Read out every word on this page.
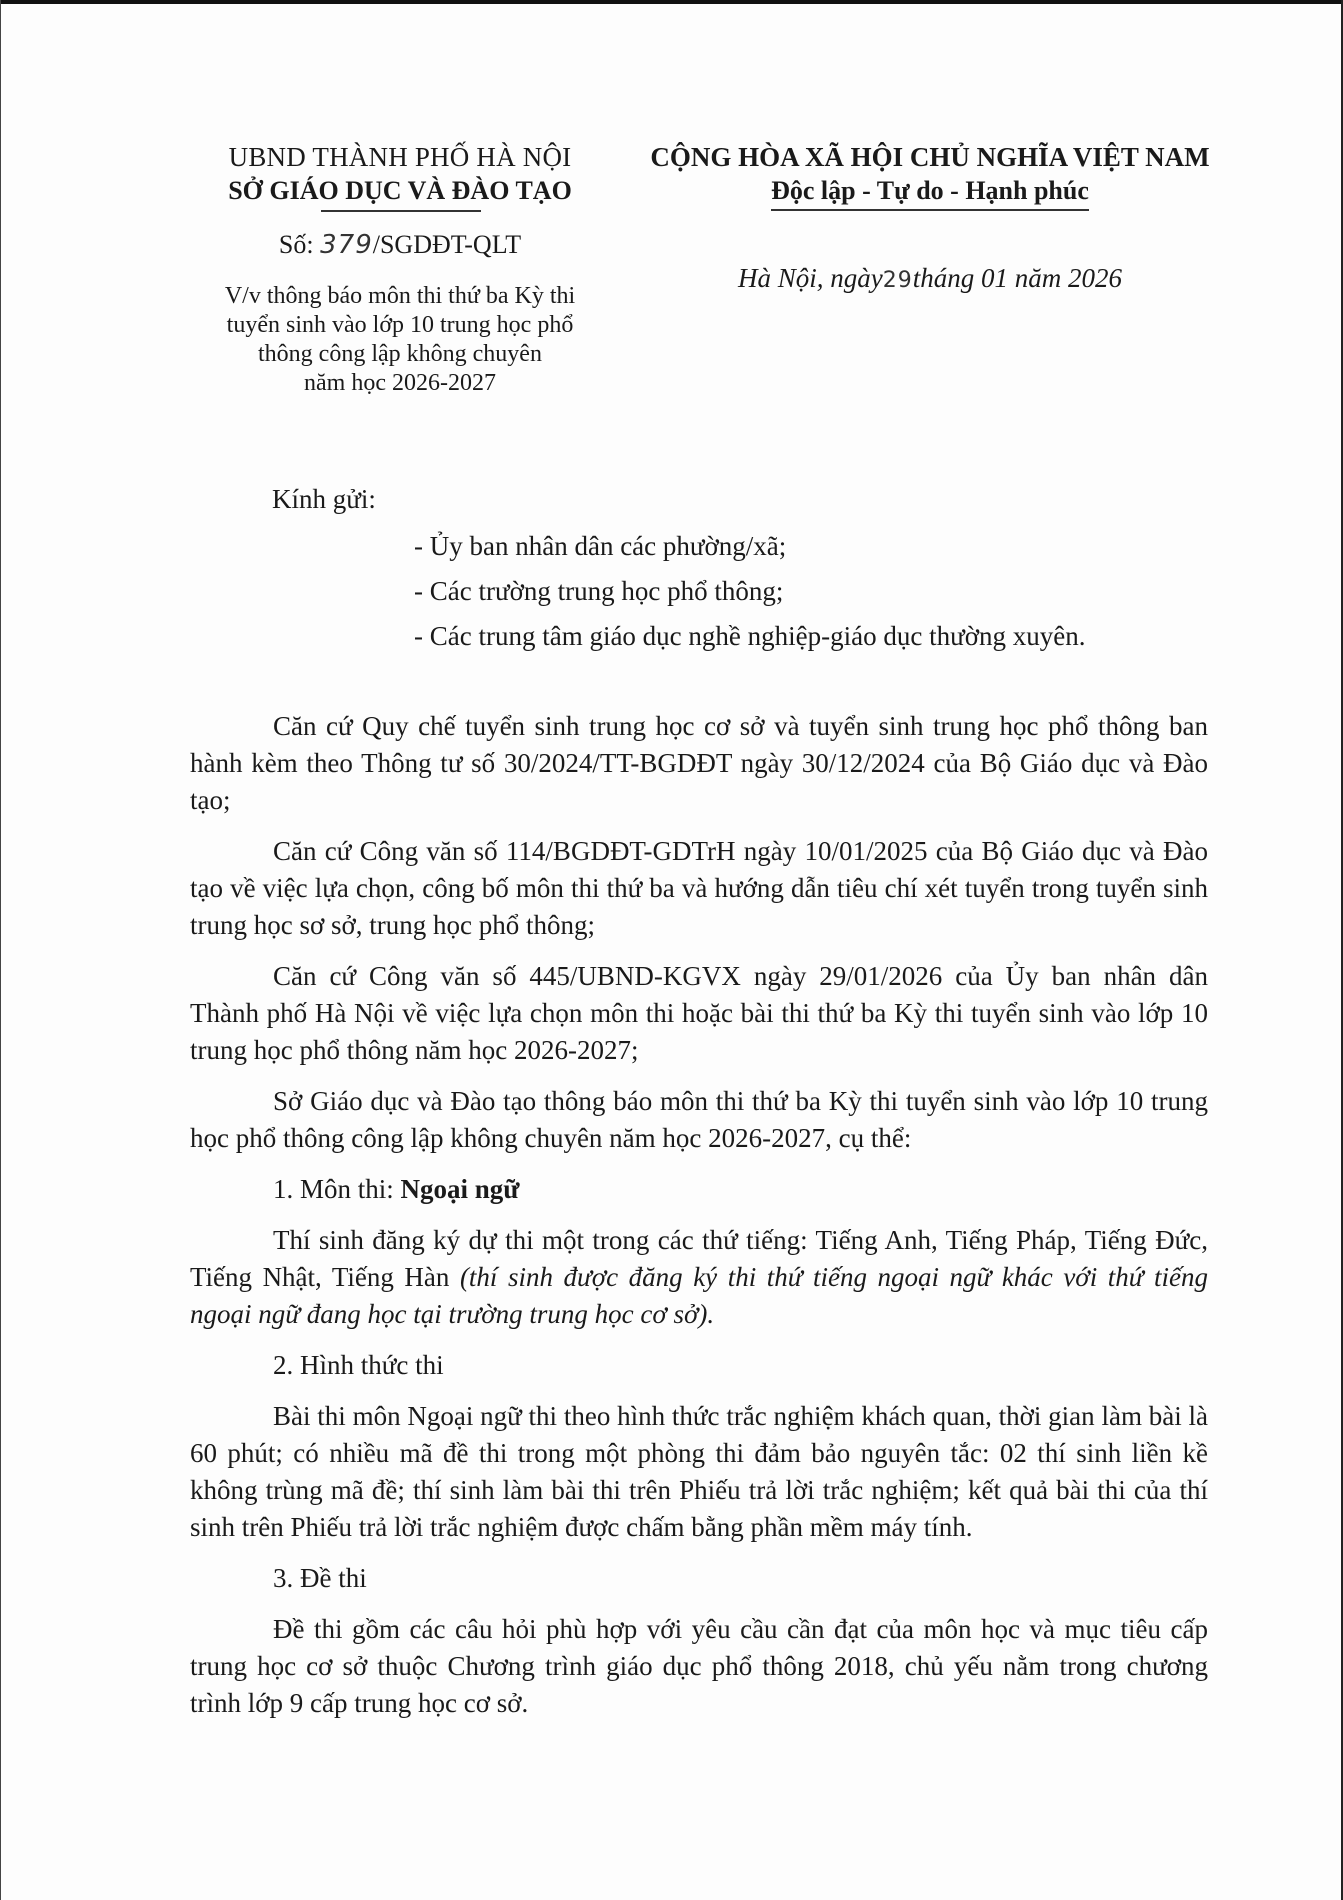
UBND THÀNH PHỐ HÀ NỘI
SỞ GIÁO DỤC VÀ ĐÀO TẠO
Số: 379/SGDĐT-QLT
V/v thông báo môn thi thứ ba Kỳ thi
tuyển sinh vào lớp 10 trung học phổ
thông công lập không chuyên
năm học 2026-2027
CỘNG HÒA XÃ HỘI CHỦ NGHĨA VIỆT NAM
Độc lập - Tự do - Hạnh phúc
Hà Nội, ngày29tháng 01 năm 2026
Kính gửi:
- Ủy ban nhân dân các phường/xã;
- Các trường trung học phổ thông;
- Các trung tâm giáo dục nghề nghiệp-giáo dục thường xuyên.

Căn cứ Quy chế tuyển sinh trung học cơ sở và tuyển sinh trung học phổ thông ban hành kèm theo Thông tư số 30/2024/TT-BGDĐT ngày 30/12/2024 của Bộ Giáo dục và Đào tạo;

Căn cứ Công văn số 114/BGDĐT-GDTrH ngày 10/01/2025 của Bộ Giáo dục và Đào tạo về việc lựa chọn, công bố môn thi thứ ba và hướng dẫn tiêu chí xét tuyển trong tuyển sinh trung học sơ sở, trung học phổ thông;

Căn cứ Công văn số 445/UBND-KGVX ngày 29/01/2026 của Ủy ban nhân dân Thành phố Hà Nội về việc lựa chọn môn thi hoặc bài thi thứ ba Kỳ thi tuyển sinh vào lớp 10 trung học phổ thông năm học 2026-2027;

Sở Giáo dục và Đào tạo thông báo môn thi thứ ba Kỳ thi tuyển sinh vào lớp 10 trung học phổ thông công lập không chuyên năm học 2026-2027, cụ thể:

1. Môn thi: Ngoại ngữ

Thí sinh đăng ký dự thi một trong các thứ tiếng: Tiếng Anh, Tiếng Pháp, Tiếng Đức, Tiếng Nhật, Tiếng Hàn (thí sinh được đăng ký thi thứ tiếng ngoại ngữ khác với thứ tiếng ngoại ngữ đang học tại trường trung học cơ sở).

2. Hình thức thi

Bài thi môn Ngoại ngữ thi theo hình thức trắc nghiệm khách quan, thời gian làm bài là 60 phút; có nhiều mã đề thi trong một phòng thi đảm bảo nguyên tắc: 02 thí sinh liền kề không trùng mã đề; thí sinh làm bài thi trên Phiếu trả lời trắc nghiệm; kết quả bài thi của thí sinh trên Phiếu trả lời trắc nghiệm được chấm bằng phần mềm máy tính.

3. Đề thi

Đề thi gồm các câu hỏi phù hợp với yêu cầu cần đạt của môn học và mục tiêu cấp trung học cơ sở thuộc Chương trình giáo dục phổ thông 2018, chủ yếu nằm trong chương trình lớp 9 cấp trung học cơ sở.
